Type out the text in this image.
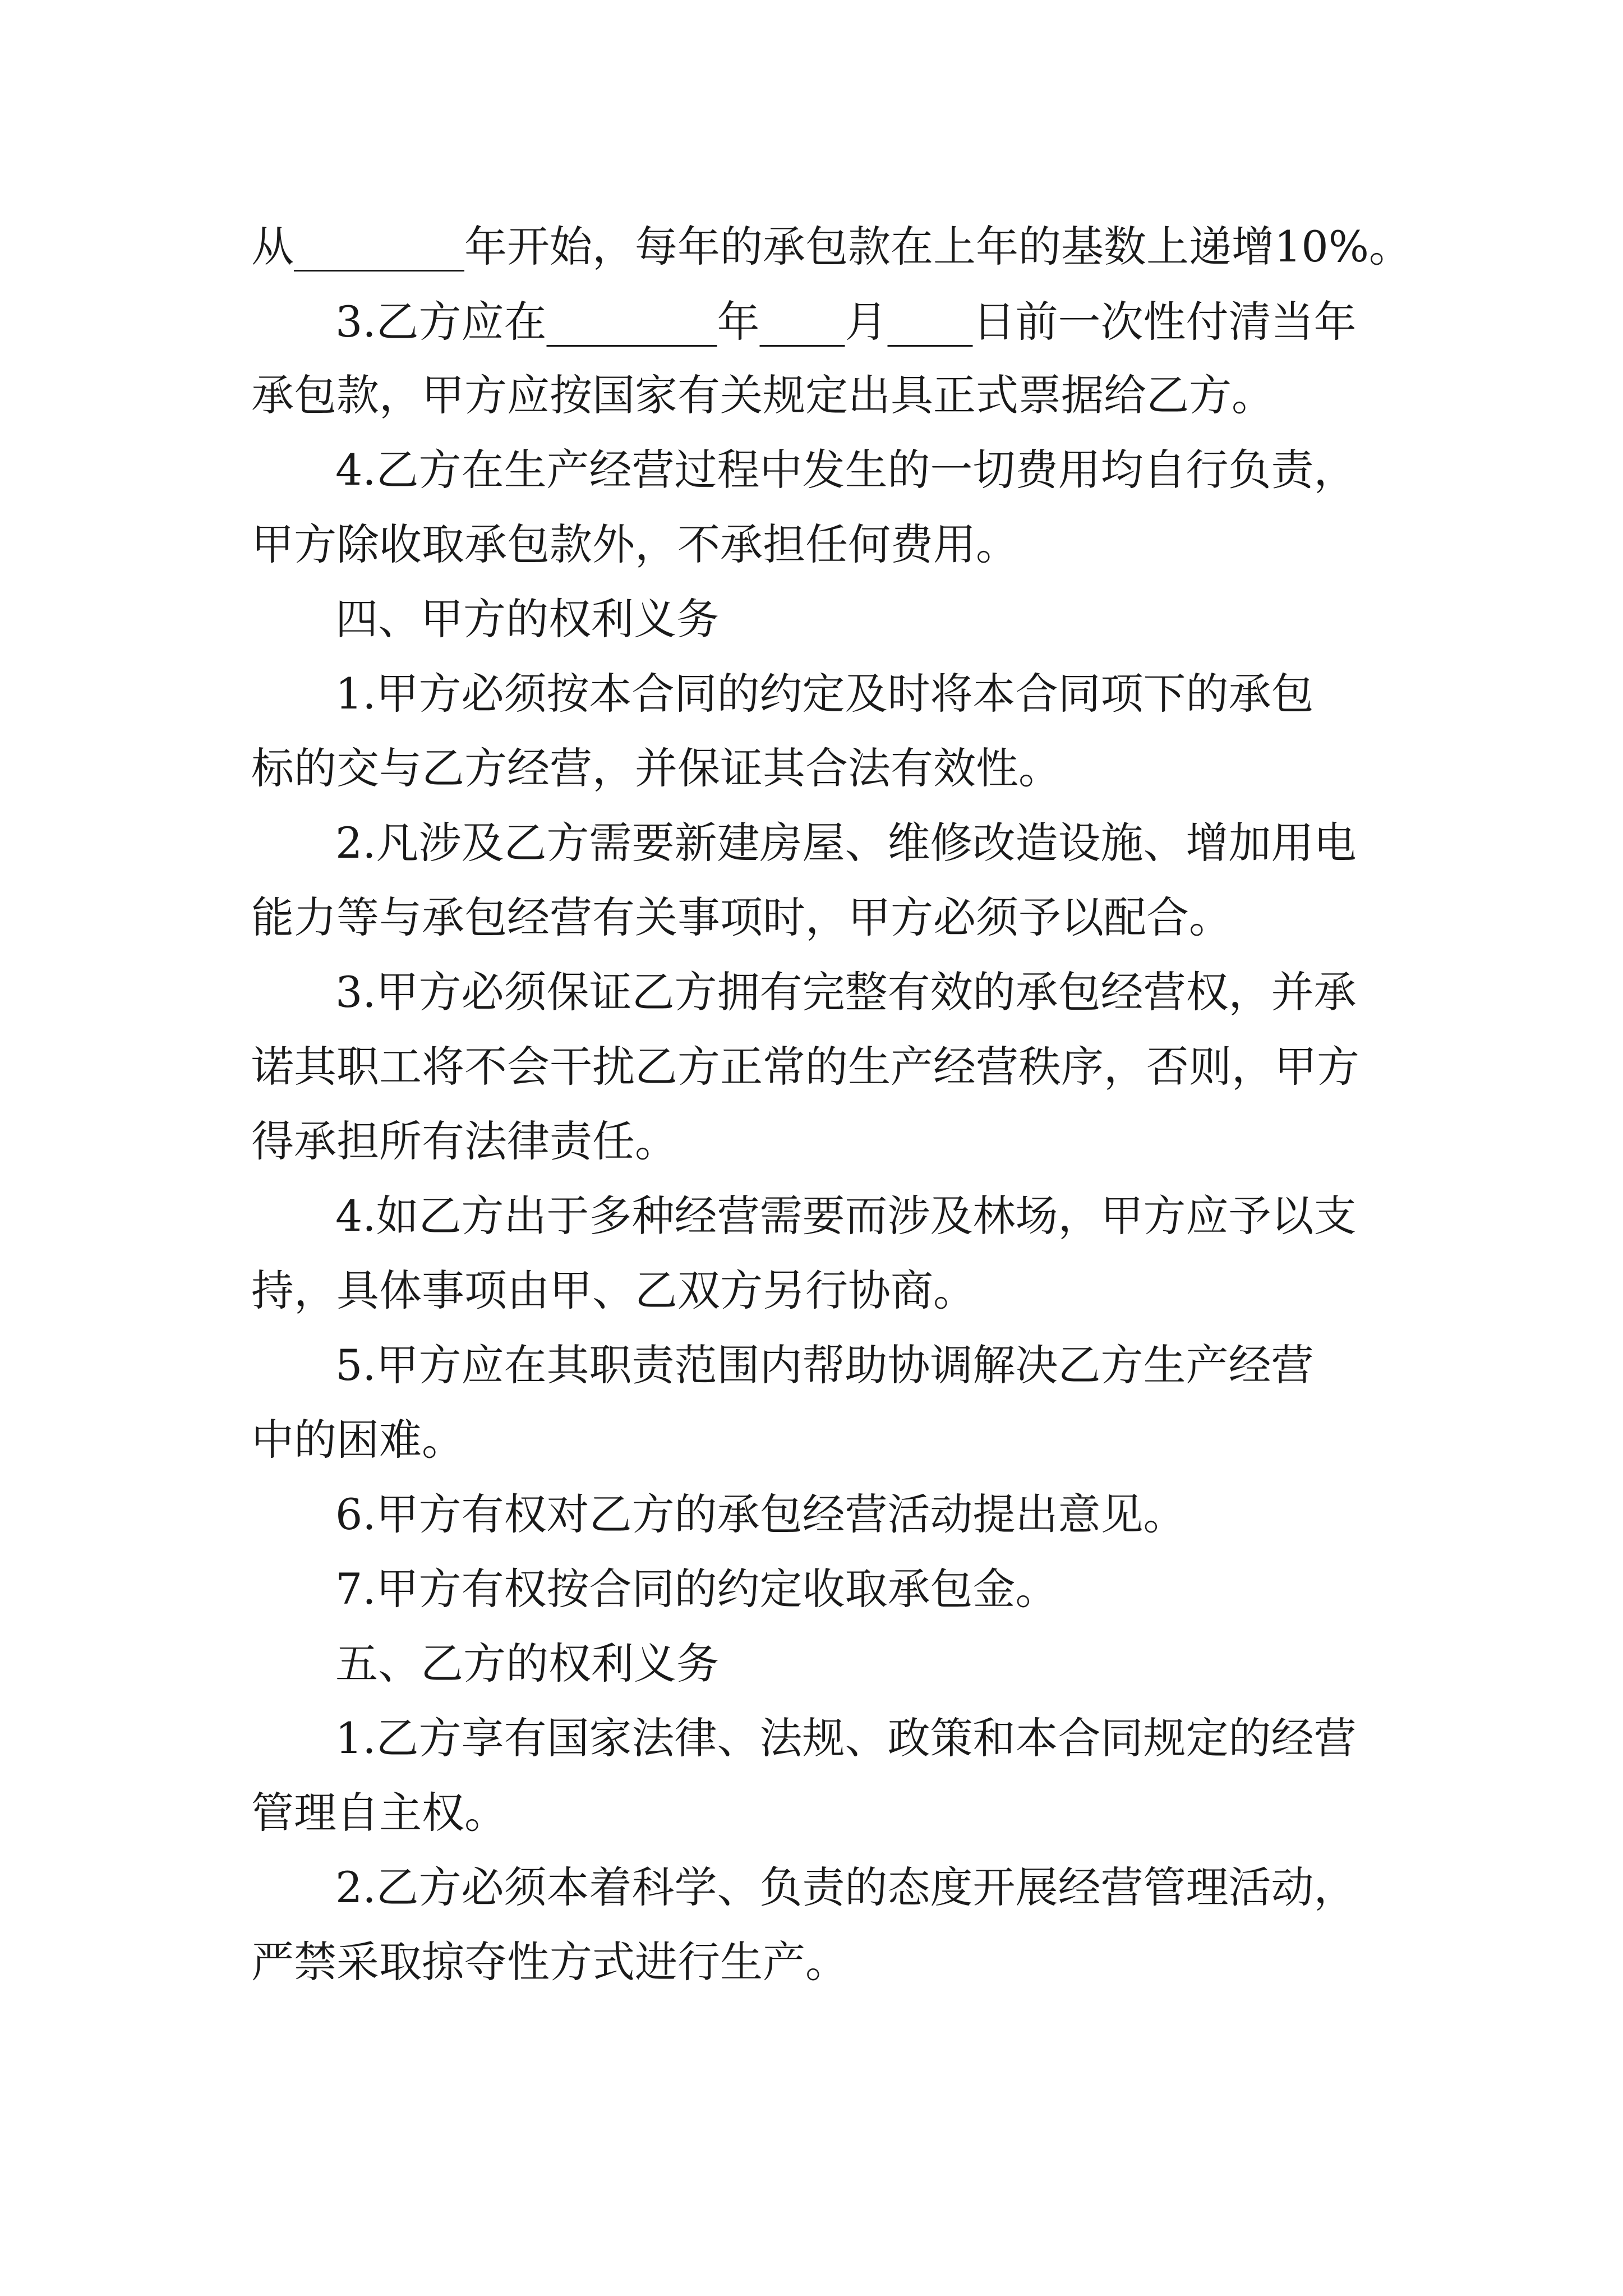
从________年开始，每年的承包款在上年的基数上递增10%。

3.乙方应在________年____月____日前一次性付清当年

承包款，甲方应按国家有关规定出具正式票据给乙方。

4.乙方在生产经营过程中发生的一切费用均自行负责，

甲方除收取承包款外，不承担任何费用。

四、甲方的权利义务

1.甲方必须按本合同的约定及时将本合同项下的承包

标的交与乙方经营，并保证其合法有效性。

2.凡涉及乙方需要新建房屋、维修改造设施、增加用电

能力等与承包经营有关事项时，甲方必须予以配合。

3.甲方必须保证乙方拥有完整有效的承包经营权，并承

诺其职工将不会干扰乙方正常的生产经营秩序，否则，甲方

得承担所有法律责任。

4.如乙方出于多种经营需要而涉及林场，甲方应予以支

持，具体事项由甲、乙双方另行协商。

5.甲方应在其职责范围内帮助协调解决乙方生产经营

中的困难。

6.甲方有权对乙方的承包经营活动提出意见。

7.甲方有权按合同的约定收取承包金。

五、乙方的权利义务

1.乙方享有国家法律、法规、政策和本合同规定的经营

管理自主权。

2.乙方必须本着科学、负责的态度开展经营管理活动，

严禁采取掠夺性方式进行生产。
